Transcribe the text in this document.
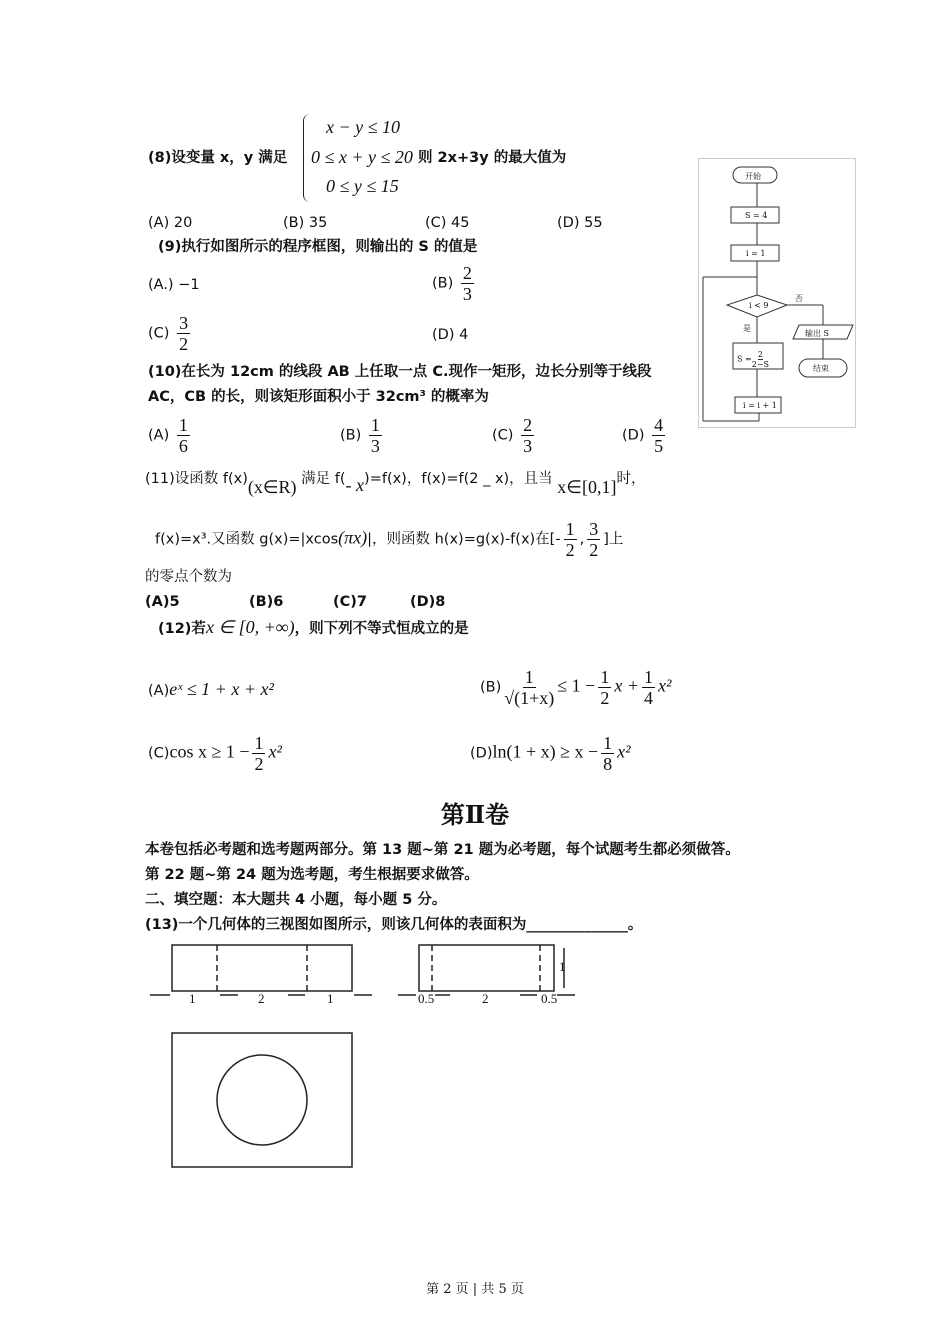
(8)设变量 x，y 满足
x − y ≤ 10
0 ≤ x + y ≤ 20
0 ≤ y ≤ 15
则 2x+3y 的最大值为
(A) 20	(B) 35	(C) 45	(D) 55
(9)执行如图所示的程序框图，则输出的 S 的值是
(A.) −1	$(B) \frac{2}{3}$
$(C) \frac{3}{2}$	(D) 4
开始
S = 4
i = 1
i < 9
否
是
输出 S
结束
$S = \frac{2}{2-S}$
i = i + 1
(10)在长为 12cm 的线段 AB 上任取一点 C.现作一矩形，边长分别等于线段
AC，CB 的长，则该矩形面积小于 32cm³ 的概率为
$(A) \frac{1}{6}$	$(B) \frac{1}{3}$	$(C) \frac{2}{3}$	$(D) \frac{4}{5}$
(11)设函数 f(x)(x∈R) 满足 f(- x)=f(x)，f(x)=f(2 _ x)，且当 x∈[0,1]时，
f(x)=x³.又函数 g(x)=|xcos(πx)|，则函数 h(x)=g(x)-f(x)在[- $\frac{1}{2}$ , $\frac{3}{2}$ ]上
的零点个数为
(A)5	(B)6	(C)7	(D)8
(12)若x ∈ [0, +∞)，则下列不等式恒成立的是
(A)eˣ ≤ 1 + x + x²	$(B) \frac{1}{√(1+x)} \le 1 - \frac{1}{2}$ $x + \frac{1}{4} x^2$
(C)cos $x \ge 1 - \frac{1}{2} x^2$	$(D)\ln(1 + x) \ge x - \frac{1}{8} x^2$
第Ⅱ卷
本卷包括必考题和选考题两部分。第 13 题~第 21 题为必考题，每个试题考生都必须做答。
第 22 题~第 24 题为选考题，考生根据要求做答。
二、填空题：本大题共 4 小题，每小题 5 分。
(13)一个几何体的三视图如图所示，则该几何体的表面积为______________。
1	2	1	0.5	2	0.5
1
第 2 页 | 共 5 页
